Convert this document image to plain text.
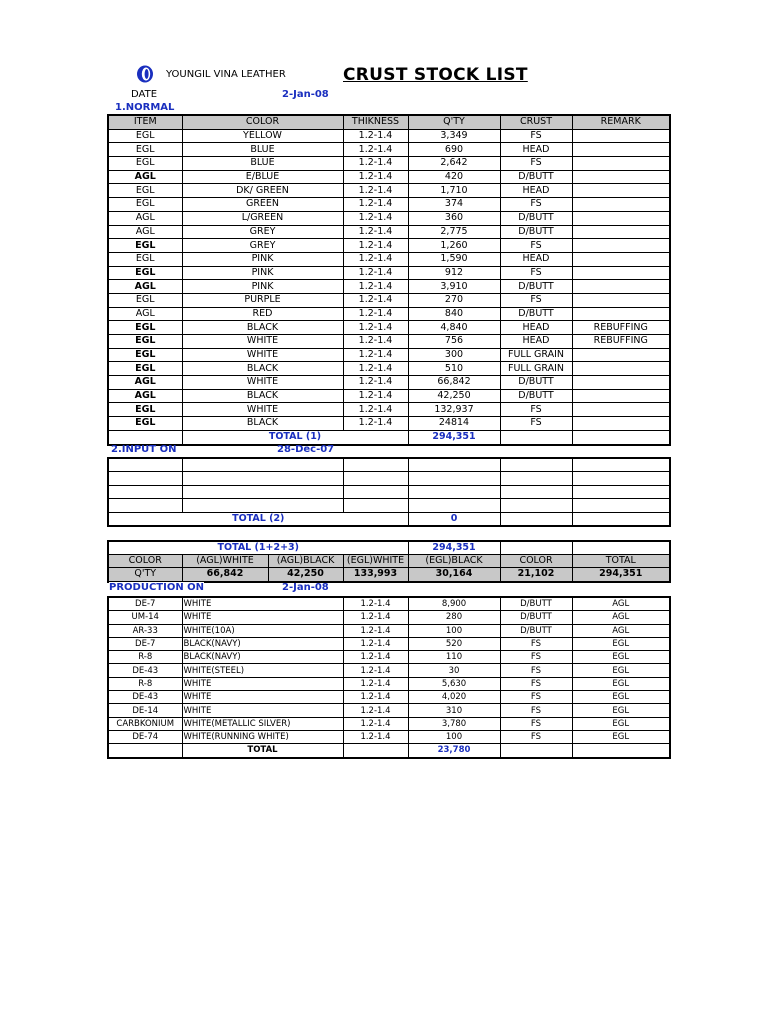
YOUNGIL VINA LEATHER	CRUST STOCK LIST
DATE	2-Jan-08
1.NORMAL
ITEM	COLOR	THIKNESS	Q'TY	CRUST	REMARK
EGL	YELLOW	1.2-1.4	3,349	FS	
EGL	BLUE	1.2-1.4	690	HEAD	
EGL	BLUE	1.2-1.4	2,642	FS	
AGL	E/BLUE	1.2-1.4	420	D/BUTT	
EGL	DK/ GREEN	1.2-1.4	1,710	HEAD	
EGL	GREEN	1.2-1.4	374	FS	
AGL	L/GREEN	1.2-1.4	360	D/BUTT	
AGL	GREY	1.2-1.4	2,775	D/BUTT	
EGL	GREY	1.2-1.4	1,260	FS	
EGL	PINK	1.2-1.4	1,590	HEAD	
EGL	PINK	1.2-1.4	912	FS	
AGL	PINK	1.2-1.4	3,910	D/BUTT	
EGL	PURPLE	1.2-1.4	270	FS	
AGL	RED	1.2-1.4	840	D/BUTT	
EGL	BLACK	1.2-1.4	4,840	HEAD	REBUFFING
EGL	WHITE	1.2-1.4	756	HEAD	REBUFFING
EGL	WHITE	1.2-1.4	300	FULL GRAIN	
EGL	BLACK	1.2-1.4	510	FULL GRAIN	
AGL	WHITE	1.2-1.4	66,842	D/BUTT	
AGL	BLACK	1.2-1.4	42,250	D/BUTT	
EGL	WHITE	1.2-1.4	132,937	FS	
EGL	BLACK	1.2-1.4	24814	FS	
	TOTAL (1)		294,351		

TOTAL (2)			0		
TOTAL (1+2+3)				294,351		
COLOR	(AGL)WHITE	(AGL)BLACK	(EGL)WHITE	(EGL)BLACK	COLOR	TOTAL
Q'TY	66,842	42,250	133,993	30,164	21,102	294,351
2.INPUT ON	28-Dec-07
PRODUCTION ON	2-Jan-08
DE-7	WHITE	1.2-1.4	8,900	D/BUTT	AGL
UM-14	WHITE	1.2-1.4	280	D/BUTT	AGL
AR-33	WHITE(10A)	1.2-1.4	100	D/BUTT	AGL
DE-7	BLACK(NAVY)	1.2-1.4	520	FS	EGL
R-8	BLACK(NAVY)	1.2-1.4	110	FS	EGL
DE-43	WHITE(STEEL)	1.2-1.4	30	FS	EGL
R-8	WHITE	1.2-1.4	5,630	FS	EGL
DE-43	WHITE	1.2-1.4	4,020	FS	EGL
DE-14	WHITE	1.2-1.4	310	FS	EGL
CARBKONIUM	WHITE(METALLIC SILVER)	1.2-1.4	3,780	FS	EGL
DE-74	WHITE(RUNNING WHITE)	1.2-1.4	100	FS	EGL
	TOTAL		23,780		
